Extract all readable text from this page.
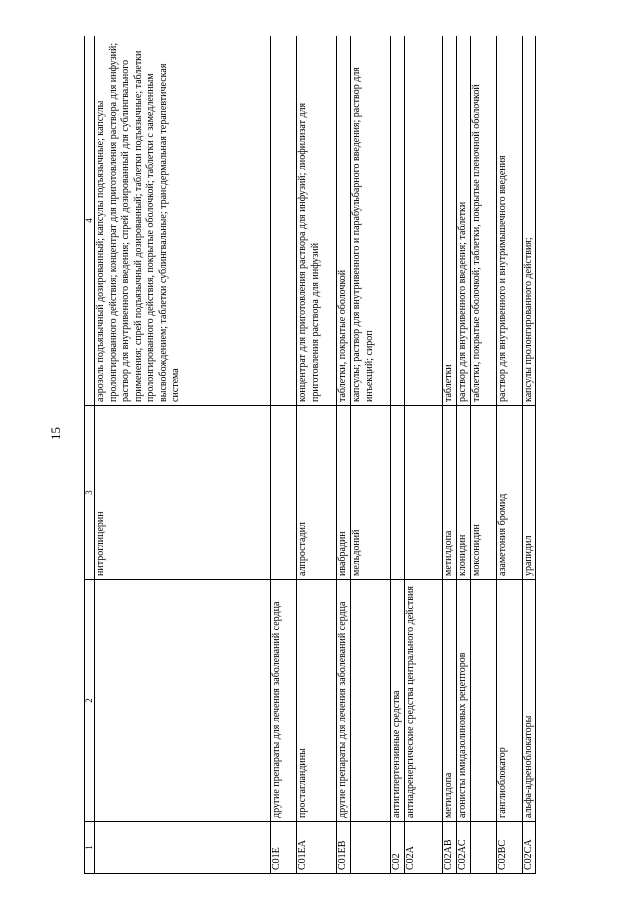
15
1	2	3	4
		нитроглицерин	аэрозоль подъязычный дозированный; капсулы подъязычные; капсулы пролонгированного действия; концентрат для приготовления раствора для инфузий; раствор для внутривенного введения; спрей дозированный для сублингвального применения; спрей подъязычный дозированный; таблетки подъязычные; таблетки пролонгированного действия, покрытые оболочкой; таблетки с замедленным высвобождением; таблетки сублингвальные; трансдермальная терапевтическая система
C01E	другие препараты для лечения заболеваний сердца		
C01EA	простагландины	алпростадил	концентрат для приготовления раствора для инфузий; лиофилизат для приготовления раствора для инфузий
C01EB	другие препараты для лечения заболеваний сердца	ивабрадин	таблетки, покрытые оболочкой
		мельдоний	капсулы; раствор для внутривенного и парабульбарного введения; раствор для инъекций; сироп
C02	антигипертензивные средства		
C02A	антиадренергические средства центрального действия		
C02AB	метилдопа	метилдопа	таблетки
C02AC	агонисты имидазолиновых рецепторов	клонидин	раствор для внутривенного введения; таблетки
		моксонидин	таблетки, покрытые оболочкой; таблетки, покрытые пленочной оболочкой
C02BC	ганглиоблокатор	азаметония бромид	раствор для внутривенного и внутримышечного введения
C02CA	альфа-адреноблокаторы	урапидил	капсулы пролонгированного действия;
